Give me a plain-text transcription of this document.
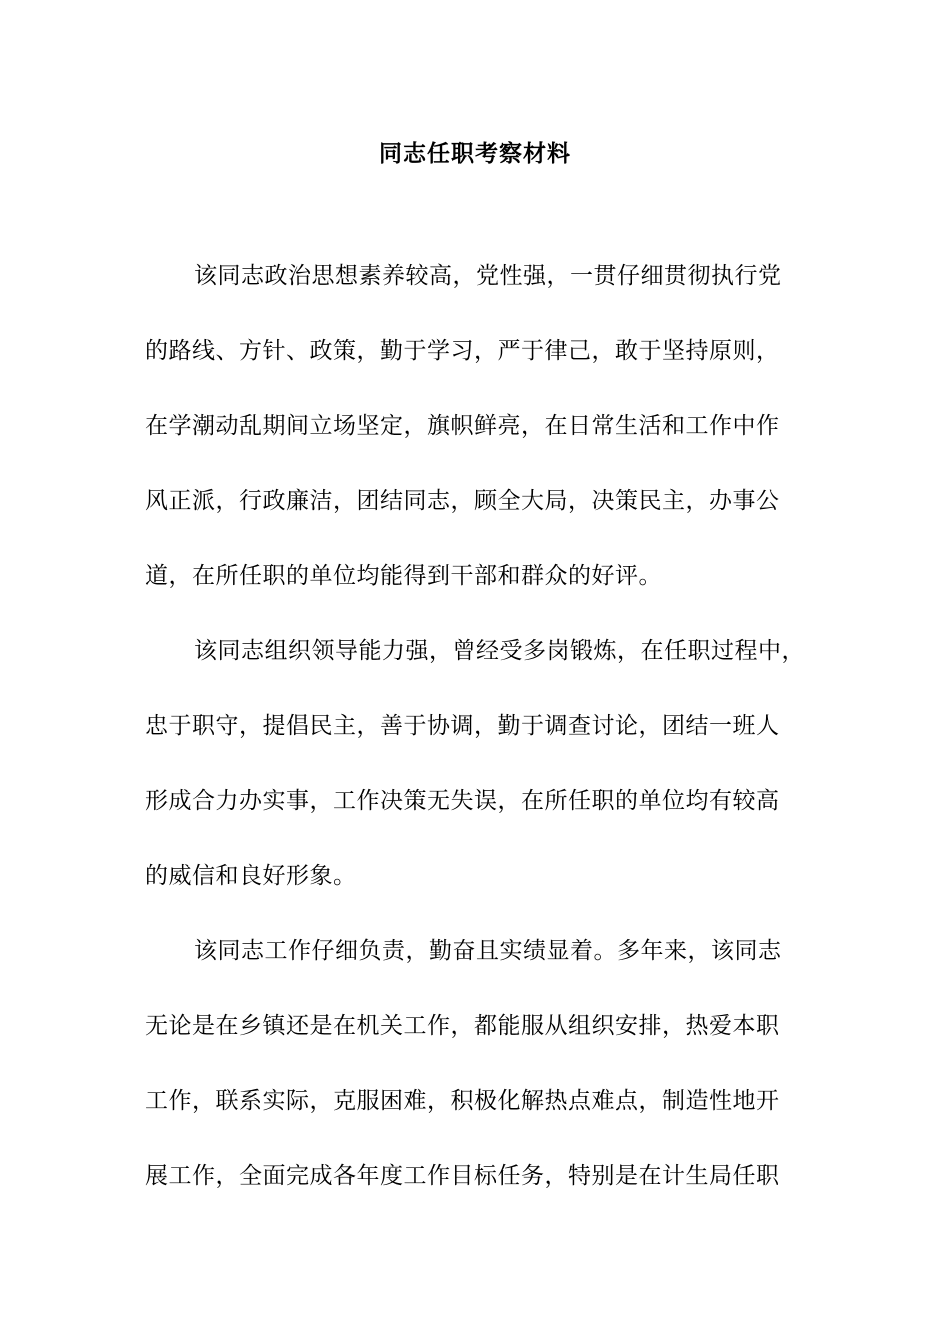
同志任职考察材料
该同志政治思想素养较高，党性强，一贯仔细贯彻执行党
的路线、方针、政策，勤于学习，严于律己，敢于坚持原则，
在学潮动乱期间立场坚定，旗帜鲜亮，在日常生活和工作中作
风正派，行政廉洁，团结同志，顾全大局，决策民主，办事公
道，在所任职的单位均能得到干部和群众的好评。
该同志组织领导能力强，曾经受多岗锻炼，在任职过程中，
忠于职守，提倡民主，善于协调，勤于调查讨论，团结一班人
形成合力办实事，工作决策无失误，在所任职的单位均有较高
的威信和良好形象。
该同志工作仔细负责，勤奋且实绩显着。多年来，该同志
无论是在乡镇还是在机关工作，都能服从组织安排，热爱本职
工作，联系实际，克服困难，积极化解热点难点，制造性地开
展工作，全面完成各年度工作目标任务，特别是在计生局任职
